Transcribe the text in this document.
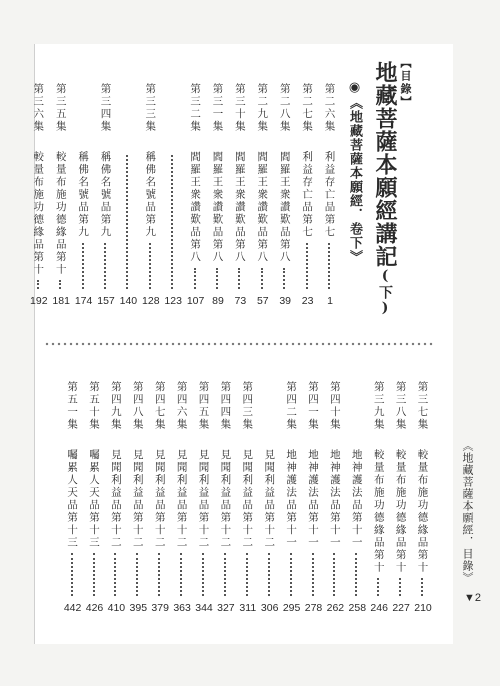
【目錄】
地藏菩薩本願經講記(下)
◉《地藏菩薩本願經．卷下》
第二六集
利益存亡品第七
1
第二七集
利益存亡品第七
23
第二八集
閻羅王衆讚歎品第八
39
第二九集
閻羅王衆讚歎品第八
57
第三十集
閻羅王衆讚歎品第八
73
第三一集
閻羅王衆讚歎品第八
89
第三二集
閻羅王衆讚歎品第八
107
123
第三三集
稱佛名號品第九
128
140
第三四集
稱佛名號品第九
157
稱佛名號品第九
174
第三五集
較量布施功德緣品第十
181
第三六集
較量布施功德緣品第十
192
第三七集
較量布施功德緣品第十
210
第三八集
較量布施功德緣品第十
227
第三九集
較量布施功德緣品第十
246
地神護法品第十一
258
第四十集
地神護法品第十一
262
第四一集
地神護法品第十一
278
第四二集
地神護法品第十一
295
見聞利益品第十二
306
第四三集
見聞利益品第十二
311
第四四集
見聞利益品第十二
327
第四五集
見聞利益品第十二
344
第四六集
見聞利益品第十二
363
第四七集
見聞利益品第十二
379
第四八集
見聞利益品第十二
395
第四九集
見聞利益品第十二
410
第五十集
囑累人天品第十三
426
第五一集
囑累人天品第十三
442
《地藏菩薩本願經．目錄》
▼2
